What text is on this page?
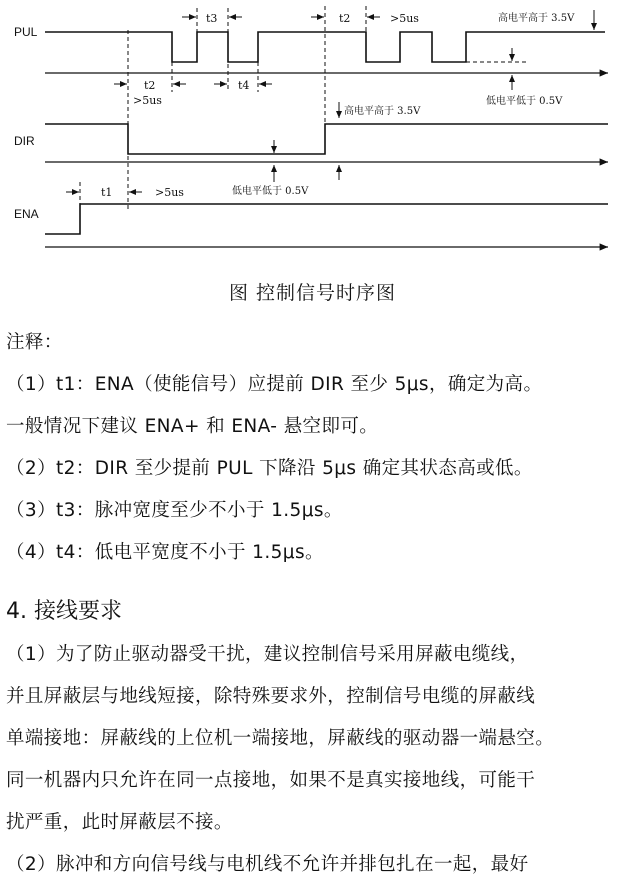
PUL
DIR
ENA
t3	t2	>5us
t2
>5us
t4
t1	>5us
高电平高于 3.5V
低电平低于 0.5V
高电平高于 3.5V
低电平低于 0.5V
图 控制信号时序图
注释：
（1）t1：ENA（使能信号）应提前 DIR 至少 5μs，确定为高。
一般情况下建议 ENA+ 和 ENA- 悬空即可。
（2）t2：DIR 至少提前 PUL 下降沿 5μs 确定其状态高或低。
（3）t3：脉冲宽度至少不小于 1.5μs。
（4）t4：低电平宽度不小于 1.5μs。
4. 接线要求
（1）为了防止驱动器受干扰，建议控制信号采用屏蔽电缆线，
并且屏蔽层与地线短接，除特殊要求外，控制信号电缆的屏蔽线
单端接地：屏蔽线的上位机一端接地，屏蔽线的驱动器一端悬空。
同一机器内只允许在同一点接地，如果不是真实接地线，可能干
扰严重，此时屏蔽层不接。
（2）脉冲和方向信号线与电机线不允许并排包扎在一起，最好
